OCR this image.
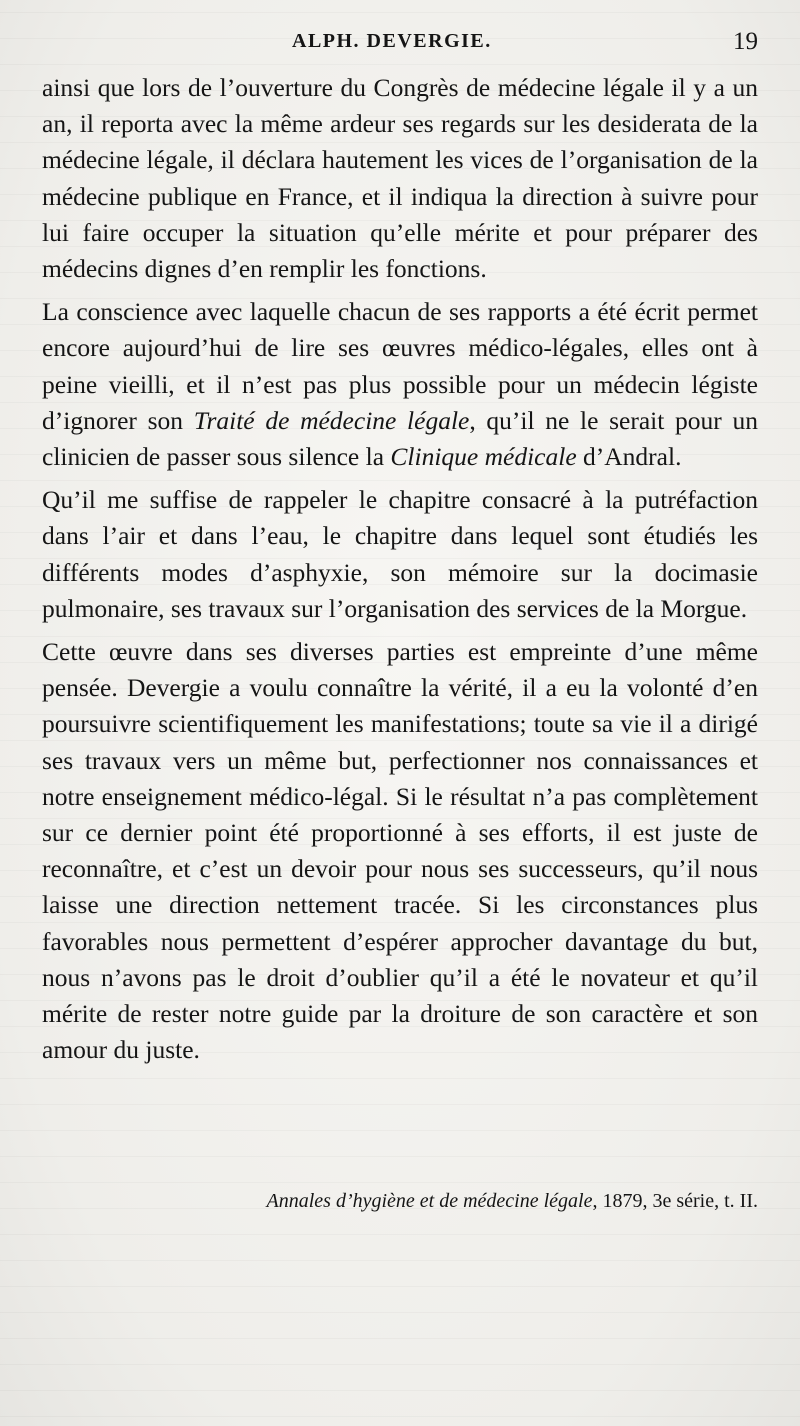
ALPH. DEVERGIE.	19

ainsi que lors de l’ouverture du Congrès de médecine légale il y a un an, il reporta avec la même ardeur ses regards sur les desiderata de la médecine légale, il déclara hautement les vices de l’organisation de la médecine publique en France, et il indiqua la direction à suivre pour lui faire occuper la situation qu’elle mérite et pour préparer des médecins dignes d’en remplir les fonctions.

La conscience avec laquelle chacun de ses rapports a été écrit permet encore aujourd’hui de lire ses œuvres médico-légales, elles ont à peine vieilli, et il n’est pas plus possible pour un médecin légiste d’ignorer son Traité de médecine légale, qu’il ne le serait pour un clinicien de passer sous silence la Clinique médicale d’Andral.

Qu’il me suffise de rappeler le chapitre consacré à la putréfaction dans l’air et dans l’eau, le chapitre dans lequel sont étudiés les différents modes d’asphyxie, son mémoire sur la docimasie pulmonaire, ses travaux sur l’organisation des services de la Morgue.

Cette œuvre dans ses diverses parties est empreinte d’une même pensée. Devergie a voulu connaître la vérité, il a eu la volonté d’en poursuivre scientifiquement les manifestations; toute sa vie il a dirigé ses travaux vers un même but, perfectionner nos connaissances et notre enseignement médico-légal. Si le résultat n’a pas complètement sur ce dernier point été proportionné à ses efforts, il est juste de reconnaître, et c’est un devoir pour nous ses successeurs, qu’il nous laisse une direction nettement tracée. Si les circonstances plus favorables nous permettent d’espérer approcher davantage du but, nous n’avons pas le droit d’oublier qu’il a été le novateur et qu’il mérite de rester notre guide par la droiture de son caractère et son amour du juste.

Annales d’hygiène et de médecine légale, 1879, 3e série, t. II.
